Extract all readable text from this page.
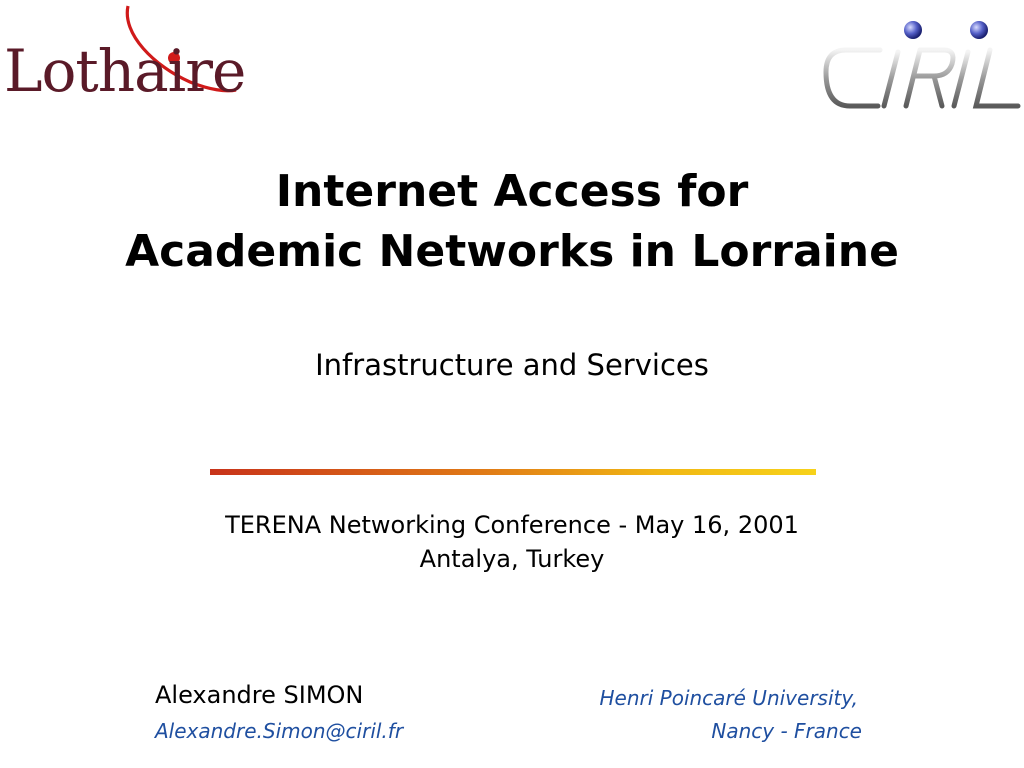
Lothaire
Internet Access for
Academic Networks in Lorraine
Infrastructure and Services
TERENA Networking Conference - May 16, 2001
Antalya, Turkey
Alexandre SIMON
Alexandre.Simon@ciril.fr
Henri Poincaré University,
Nancy - France
